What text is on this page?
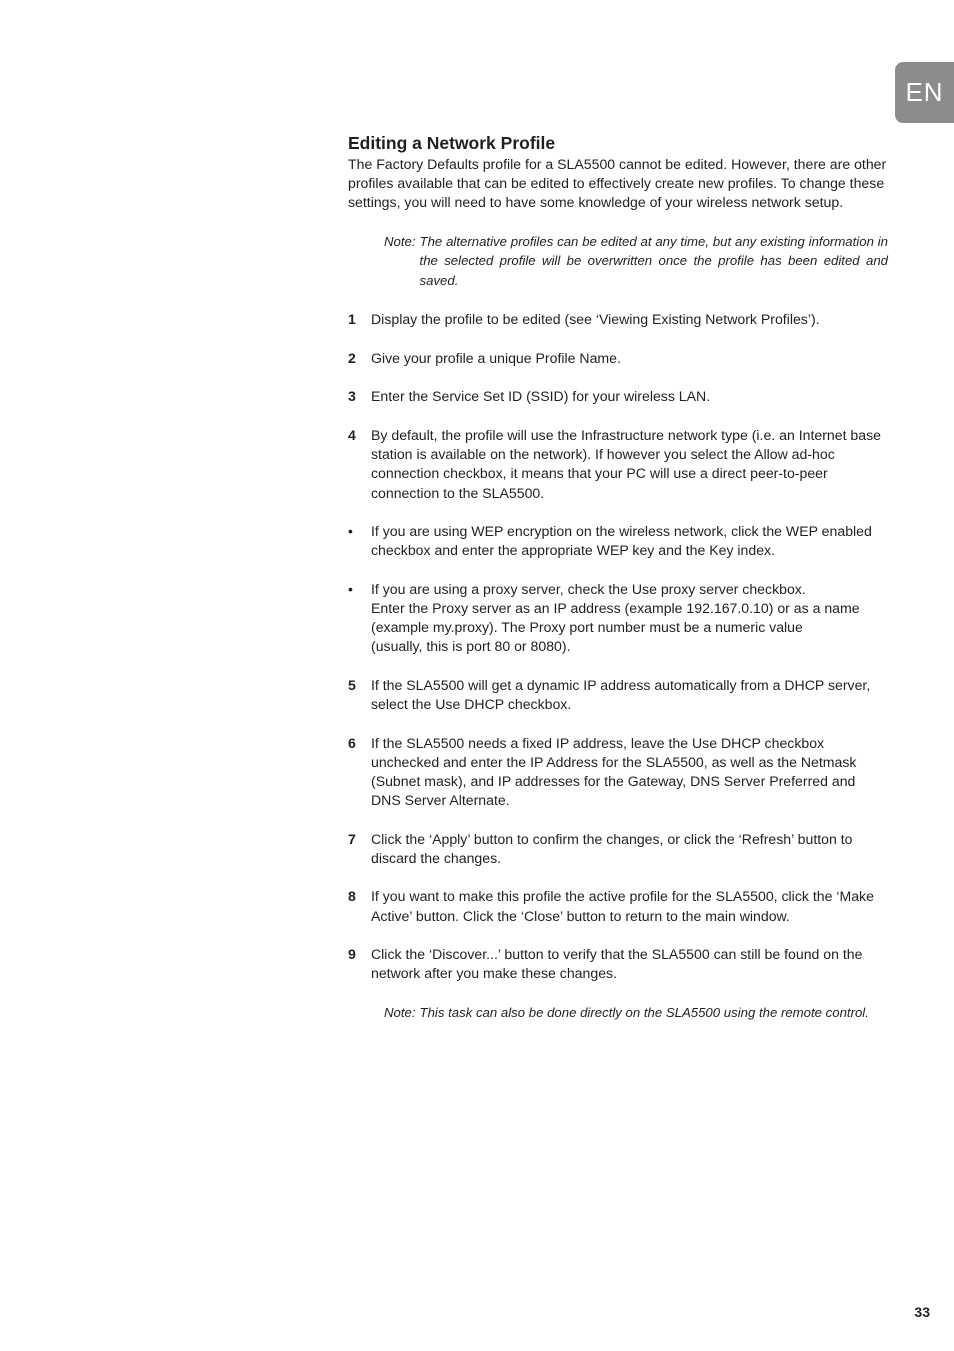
EN
Editing a Network Profile

The Factory Defaults profile for a SLA5500 cannot be edited. However, there are other profiles available that can be edited to effectively create new profiles. To change these settings, you will need to have some knowledge of your wireless network setup.

Note: The alternative profiles can be edited at any time, but any existing information in the selected profile will be overwritten once the profile has been edited and saved.
1	Display the profile to be edited (see ‘Viewing Existing Network Profiles’).
2	Give your profile a unique Profile Name.
3	Enter the Service Set ID (SSID) for your wireless LAN.
4	By default, the profile will use the Infrastructure network type (i.e. an Internet base station is available on the network). If however you select the Allow ad-hoc connection checkbox, it means that your PC will use a direct peer-to-peer connection to the SLA5500.
•	If you are using WEP encryption on the wireless network, click the WEP enabled checkbox and enter the appropriate WEP key and the Key index.
•	If you are using a proxy server, check the Use proxy server checkbox.
Enter the Proxy server as an IP address (example 192.167.0.10) or as a name (example my.proxy). The Proxy port number must be a numeric value
(usually, this is port 80 or 8080).
5	If the SLA5500 will get a dynamic IP address automatically from a DHCP server, select the Use DHCP checkbox.
6	If the SLA5500 needs a fixed IP address, leave the Use DHCP checkbox unchecked and enter the IP Address for the SLA5500, as well as the Netmask (Subnet mask), and IP addresses for the Gateway, DNS Server Preferred and DNS Server Alternate.
7	Click the ‘Apply’ button to confirm the changes, or click the ‘Refresh’ button to discard the changes.
8	If you want to make this profile the active profile for the SLA5500, click the ‘Make Active’ button. Click the ‘Close’ button to return to the main window.
9	Click the ‘Discover...’ button to verify that the SLA5500 can still be found on the network after you make these changes.
Note: This task can also be done directly on the SLA5500 using the remote control.
33
